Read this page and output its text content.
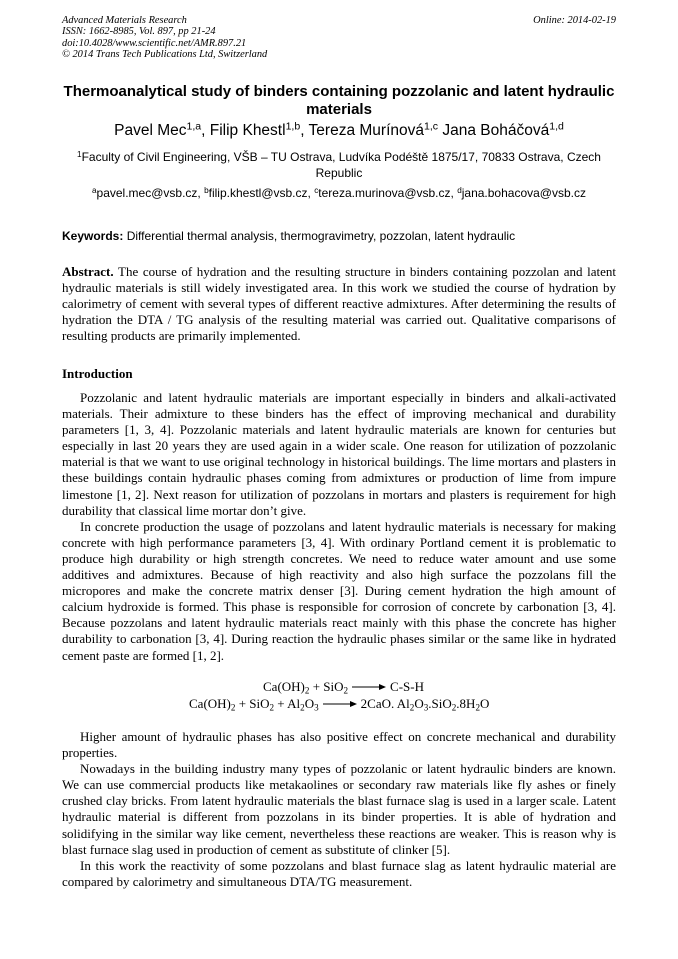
Advanced Materials Research
ISSN: 1662-8985, Vol. 897, pp 21-24
doi:10.4028/www.scientific.net/AMR.897.21
© 2014 Trans Tech Publications Ltd, Switzerland
Online: 2014-02-19
Thermoanalytical study of binders containing pozzolanic and latent hydraulic materials
Pavel Mec$^{1,a}$, Filip Khestl$^{1,b}$, Tereza Murínová$^{1,c}$ Jana Boháčová$^{1,d}$
$^1$Faculty of Civil Engineering, VŠB – TU Ostrava, Ludvíka Podéště 1875/17, 70833 Ostrava, Czech Republic
$^a$pavel.mec@vsb.cz, $^b$filip.khestl@vsb.cz, $^c$tereza.murinova@vsb.cz, $^d$jana.bohacova@vsb.cz
Keywords: Differential thermal analysis, thermogravimetry, pozzolan, latent hydraulic

Abstract. The course of hydration and the resulting structure in binders containing pozzolan and latent hydraulic materials is still widely investigated area. In this work we studied the course of hydration by calorimetry of cement with several types of different reactive admixtures. After determining the results of hydration the DTA / TG analysis of the resulting material was carried out. Qualitative comparisons of resulting products are primarily implemented.

Introduction

Pozzolanic and latent hydraulic materials are important especially in binders and alkali-activated materials. Their admixture to these binders has the effect of improving mechanical and durability parameters [1, 3, 4]. Pozzolanic materials and latent hydraulic materials are known for centuries but especially in last 20 years they are used again in a wider scale. One reason for utilization of pozzolanic material is that we want to use original technology in historical buildings. The lime mortars and plasters in these buildings contain hydraulic phases coming from admixtures or production of lime from impure limestone [1, 2]. Next reason for utilization of pozzolans in mortars and plasters is requirement for high durability that classical lime mortar don’t give.

In concrete production the usage of pozzolans and latent hydraulic materials is necessary for making concrete with high performance parameters [3, 4]. With ordinary Portland cement it is problematic to produce high durability or high strength concretes. We need to reduce water amount and use some additives and admixtures. Because of high reactivity and also high surface the pozzolans fill the micropores and make the concrete matrix denser [3]. During cement hydration the high amount of calcium hydroxide is formed. This phase is responsible for corrosion of concrete by carbonation [3, 4]. Because pozzolans and latent hydraulic materials react mainly with this phase the concrete has higher durability to carbonation [3, 4]. During reaction the hydraulic phases similar or the same like in hydrated cement paste are formed [1, 2].

$Ca(OH)_2 + SiO_2 \to C-S-H$
$Ca(OH)_2 + SiO_2 + Al_2O_3 \to 2CaO$. $Al_2O_3.SiO_2.8H_2O$

Higher amount of hydraulic phases has also positive effect on concrete mechanical and durability properties.

Nowadays in the building industry many types of pozzolanic or latent hydraulic binders are known. We can use commercial products like metakaolines or secondary raw materials like fly ashes or finely crushed clay bricks. From latent hydraulic materials the blast furnace slag is used in a larger scale. Latent hydraulic material is different from pozzolans in its binder properties. It is able of hydration and solidifying in the similar way like cement, nevertheless these reactions are weaker. This is reason why is blast furnace slag used in production of cement as substitute of clinker [5].

In this work the reactivity of some pozzolans and blast furnace slag as latent hydraulic material are compared by calorimetry and simultaneous DTA/TG measurement.
